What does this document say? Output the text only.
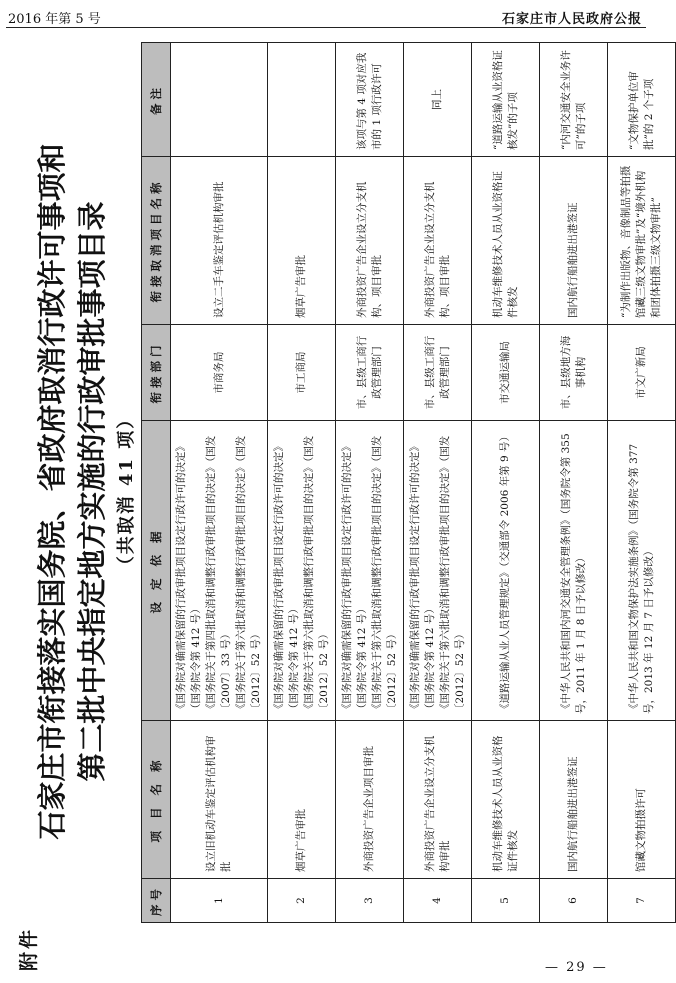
2016 年第 5 号	石家庄市人民政府公报
附件
石家庄市衔接落实国务院、省政府取消行政许可事项和 第二批中央指定地方实施的行政审批事项目录 （共取消 41 项）
序号	项 目 名 称	设 定 依 据	衔接部门	衔接取消项目名称	备注
1	设立旧机动车鉴定评估机构审批	《国务院对确需保留的行政审批项目设定行政许可的决定》（国务院令第 412 号） 《国务院关于第四批取消和调整行政审批项目的决定》（国发〔2007〕33 号） 《国务院关于第六批取消和调整行政审批项目的决定》（国发〔2012〕52 号）	市商务局	设立二手车鉴定评估机构审批	
2	烟草广告审批	《国务院对确需保留的行政审批项目设定行政许可的决定》（国务院令第 412 号） 《国务院关于第六批取消和调整行政审批项目的决定》（国发〔2012〕52 号）	市工商局	烟草广告审批	
3	外商投资广告企业项目审批	《国务院对确需保留的行政审批项目设定行政许可的决定》（国务院令第 412 号） 《国务院关于第六批取消和调整行政审批项目的决定》（国发〔2012〕52 号）	市、县级工商行政管理部门	外商投资广告企业设立分支机构、项目审批	该项与第 4 项对应我市的 1 项行政许可
4	外商投资广告企业设立分支机构审批	《国务院对确需保留的行政审批项目设定行政许可的决定》（国务院令第 412 号） 《国务院关于第六批取消和调整行政审批项目的决定》（国发〔2012〕52 号）	市、县级工商行政管理部门	外商投资广告企业设立分支机构、项目审批	同上
5	机动车维修技术人员从业资格证件核发	《道路运输从业人员管理规定》（交通部令 2006 年第 9 号）	市交通运输局	机动车维修技术人员从业资格证件核发	“道路运输从业资格证核发”的子项
6	国内航行船舶进出港签证	《中华人民共和国内河交通安全管理条例》（国务院令第 355 号，2011 年 1 月 8 日予以修改）	市、县级地方海事机构	国内航行船舶进出港签证	“内河交通安全业务许可”的子项
7	馆藏文物拍摄许可	《中华人民共和国文物保护法实施条例》（国务院令第 377 号，2013 年 12 月 7 日予以修改）	市文广新局	“为制作出版物、音像制品等拍摄馆藏三级文物审批”及“境外机构和团体拍摄三级文物审批”	“文物保护单位审批”的 2 个子项
— 29 —
